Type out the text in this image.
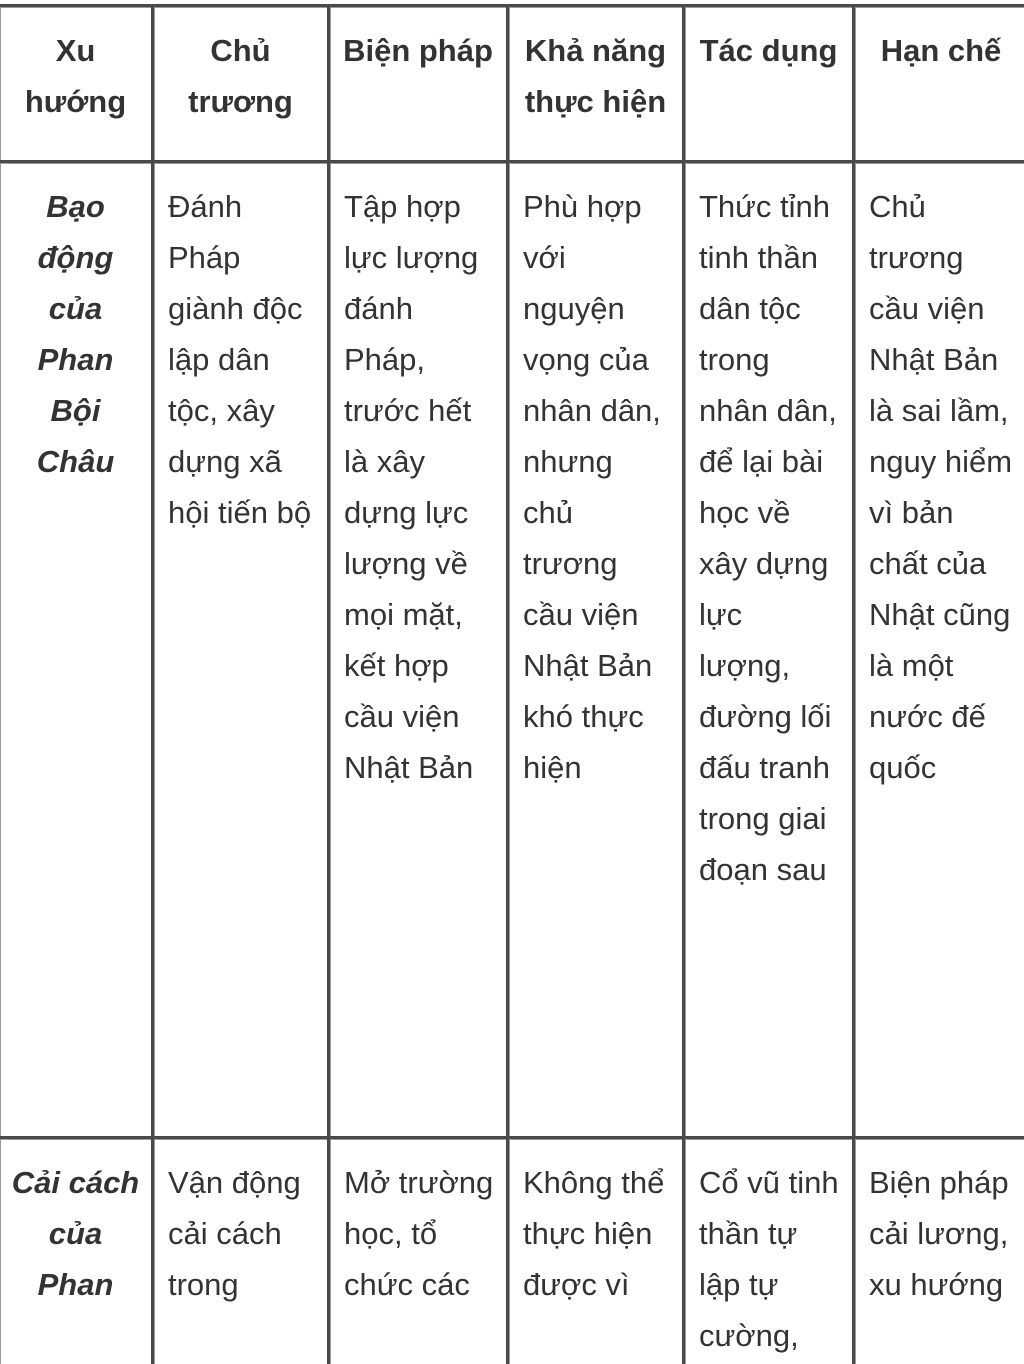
Xu hướng	Chủ trương	Biện pháp	Khả năng thực hiện	Tác dụng	Hạn chế
Bạo động của Phan Bội Châu	Đánh Pháp giành độc lập dân tộc, xây dựng xã hội tiến bộ	Tập hợp lực lượng đánh Pháp, trước hết là xây dựng lực lượng về mọi mặt, kết hợp cầu viện Nhật Bản	Phù hợp với nguyện vọng của nhân dân, nhưng chủ trương cầu viện Nhật Bản khó thực hiện	Thức tỉnh tinh thần dân tộc trong nhân dân, để lại bài học về xây dựng lực lượng, đường lối đấu tranh trong giai đoạn sau	Chủ trương cầu viện Nhật Bản là sai lầm, nguy hiểm vì bản chất của Nhật cũng là một nước đế quốc
Cải cách của Phan	Vận động cải cách trong	Mở trường học, tổ chức các	Không thể thực hiện được vì	Cổ vũ tinh thần tự lập tự cường,	Biện pháp cải lương, xu hướng
